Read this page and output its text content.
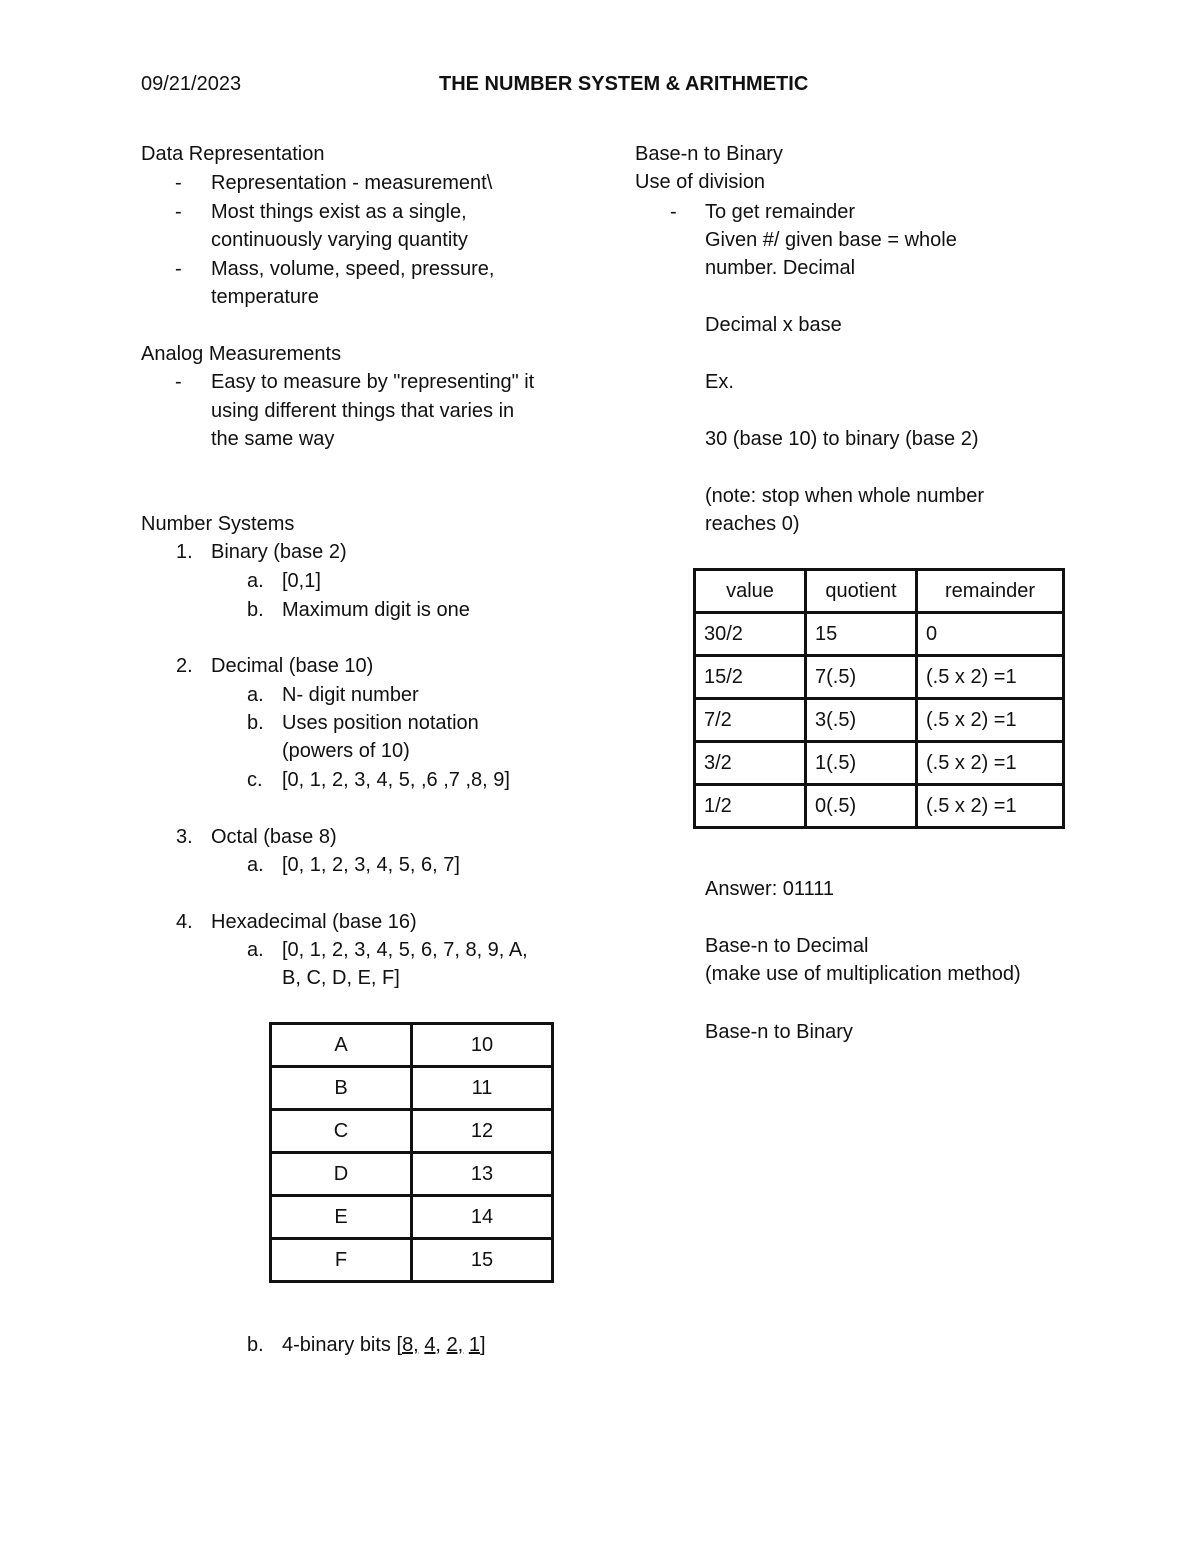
09/21/2023	THE NUMBER SYSTEM & ARITHMETIC
Data Representation
- Representation - measurement\
- Most things exist as a single,
continuously varying quantity
- Mass, volume, speed, pressure,
temperature
Analog Measurements
- Easy to measure by "representing" it
using different things that varies in
the same way
Number Systems
1. Binary (base 2)
a. [0,1]
b. Maximum digit is one
2. Decimal (base 10)
a. N- digit number
b. Uses position notation
(powers of 10)
c. [0, 1, 2, 3, 4, 5, ,6 ,7 ,8, 9]
3. Octal (base 8)
a. [0, 1, 2, 3, 4, 5, 6, 7]
4. Hexadecimal (base 16)
a. [0, 1, 2, 3, 4, 5, 6, 7, 8, 9, A,
B, C, D, E, F]
A	10
B	11
C	12
D	13
E	14
F	15
b. 4-binary bits [8, 4, 2, 1]
Base-n to Binary
Use of division
- To get remainder
Given #/ given base = whole
number. Decimal
Decimal x base
Ex.
30 (base 10) to binary (base 2)
(note: stop when whole number
reaches 0)
value	quotient	remainder
30/2	15	0
15/2	7(.5)	(.5 x 2) =1
7/2	3(.5)	(.5 x 2) =1
3/2	1(.5)	(.5 x 2) =1
1/2	0(.5)	(.5 x 2) =1
Answer: 01111
Base-n to Decimal
(make use of multiplication method)
Base-n to Binary
